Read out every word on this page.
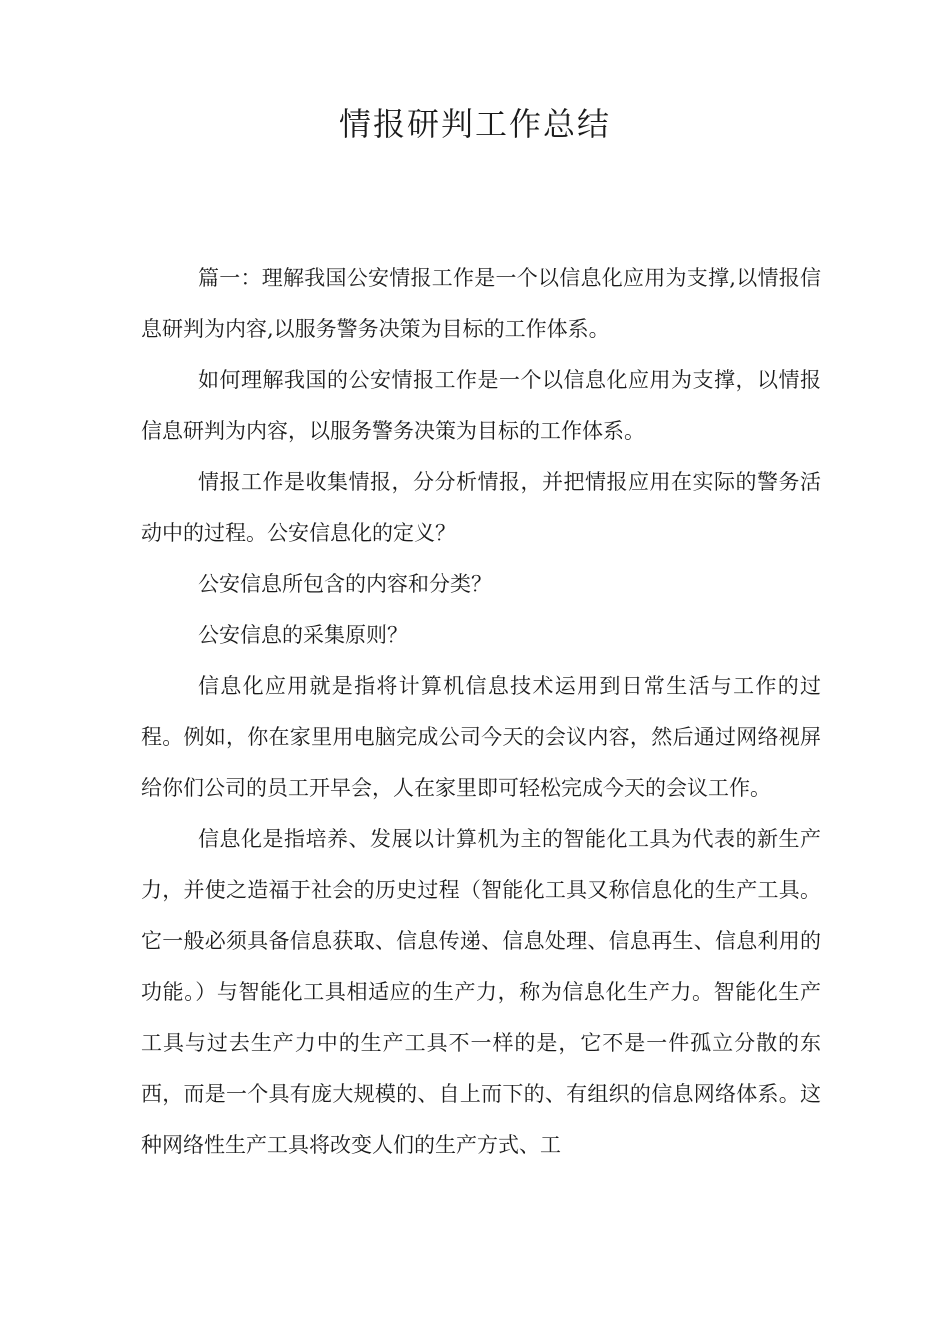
情报研判工作总结

篇一：理解我国公安情报工作是一个以信息化应用为支撑,以情报信息研判为内容,以服务警务决策为目标的工作体系。

如何理解我国的公安情报工作是一个以信息化应用为支撑，以情报信息研判为内容，以服务警务决策为目标的工作体系。

情报工作是收集情报，分分析情报，并把情报应用在实际的警务活动中的过程。公安信息化的定义？

公安信息所包含的内容和分类？

公安信息的采集原则？

信息化应用就是指将计算机信息技术运用到日常生活与工作的过程。例如，你在家里用电脑完成公司今天的会议内容，然后通过网络视屏给你们公司的员工开早会，人在家里即可轻松完成今天的会议工作。

信息化是指培养、发展以计算机为主的智能化工具为代表的新生产力，并使之造福于社会的历史过程（智能化工具又称信息化的生产工具。它一般必须具备信息获取、信息传递、信息处理、信息再生、信息利用的功能。）与智能化工具相适应的生产力，称为信息化生产力。智能化生产工具与过去生产力中的生产工具不一样的是，它不是一件孤立分散的东西，而是一个具有庞大规模的、自上而下的、有组织的信息网络体系。这种网络性生产工具将改变人们的生产方式、工
